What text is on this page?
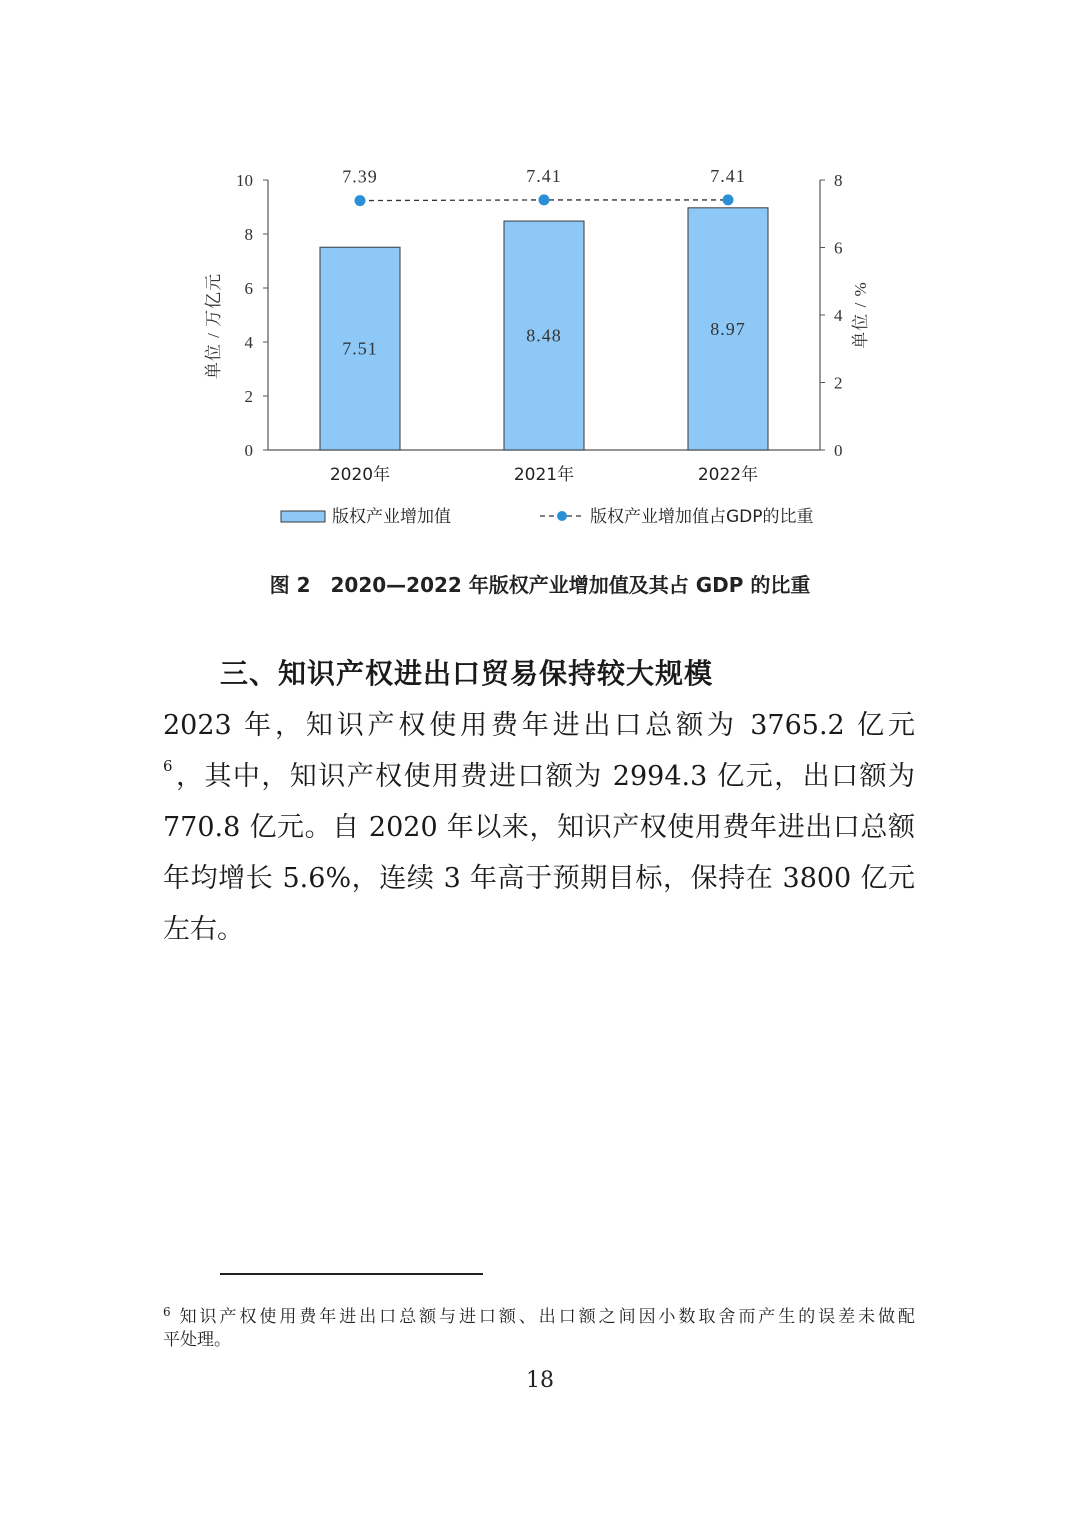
0
2
4
6
8
10
0
2
4
6
8
7.51
8.48	8.97
7.39	7.41	7.41
2020年	2021年	2022年
单位 / 万亿元	单位 / %
版权产业增加值	版权产业增加值占GDP的比重
图 2　2020—2022 年版权产业增加值及其占 GDP 的比重
三、知识产权进出口贸易保持较大规模
2023 年，知识产权使用费年进出口总额为 3765.2 亿元
$^6$，其中，知识产权使用费进口额为 2994.3 亿元，出口额为
770.8 亿元。自 2020 年以来，知识产权使用费年进出口总额
年均增长 5.6%，连续 3 年高于预期目标，保持在 3800 亿元
左右。
$^6$ 知识产权使用费年进出口总额与进口额、出口额之间因小数取舍而产生的误差未做配
平处理。
18
